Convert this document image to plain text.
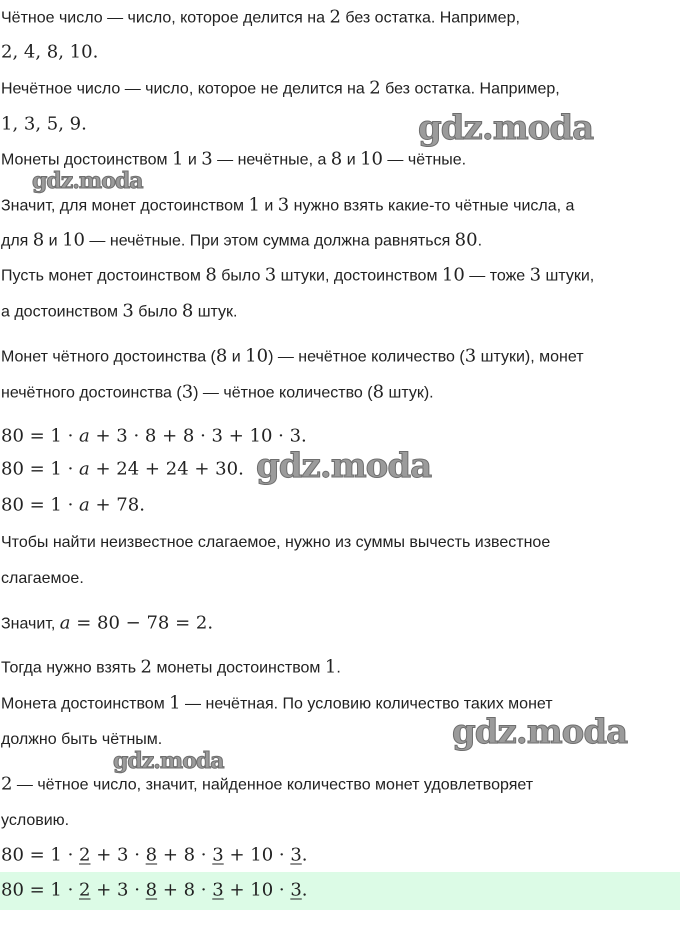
Чётное число — число, которое делится на 2 без остатка. Например,
2, 4, 8, 10.
Нечётное число — число, которое не делится на 2 без остатка. Например,
1, 3, 5, 9.
Монеты достоинством 1 и 3 — нечётные, а 8 и 10 — чётные.
Значит, для монет достоинством 1 и 3 нужно взять какие-то чётные числа, а
для 8 и 10 — нечётные. При этом сумма должна равняться 80.
Пусть монет достоинством 8 было 3 штуки, достоинством 10 — тоже 3 штуки,
а достоинством 3 было 8 штук.
Монет чётного достоинства (8 и 10) — нечётное количество (3 штуки), монет
нечётного достоинства (3) — чётное количество (8 штук).
80 = 1 · a + 3 · 8 + 8 · 3 + 10 · 3.
80 = 1 · a + 24 + 24 + 30.
80 = 1 · a + 78.
Чтобы найти неизвестное слагаемое, нужно из суммы вычесть известное
слагаемое.
Значит, a = 80 − 78 = 2.
Тогда нужно взять 2 монеты достоинством 1.
Монета достоинством 1 — нечётная. По условию количество таких монет
должно быть чётным.
2 — чётное число, значит, найденное количество монет удовлетворяет
условию.
80 = 1 · 2 + 3 · 8 + 8 · 3 + 10 · 3.
80 = 1 · 2 + 3 · 8 + 8 · 3 + 10 · 3.
gdz.moda
gdz.moda
gdz.moda
gdz.moda
gdz.moda
